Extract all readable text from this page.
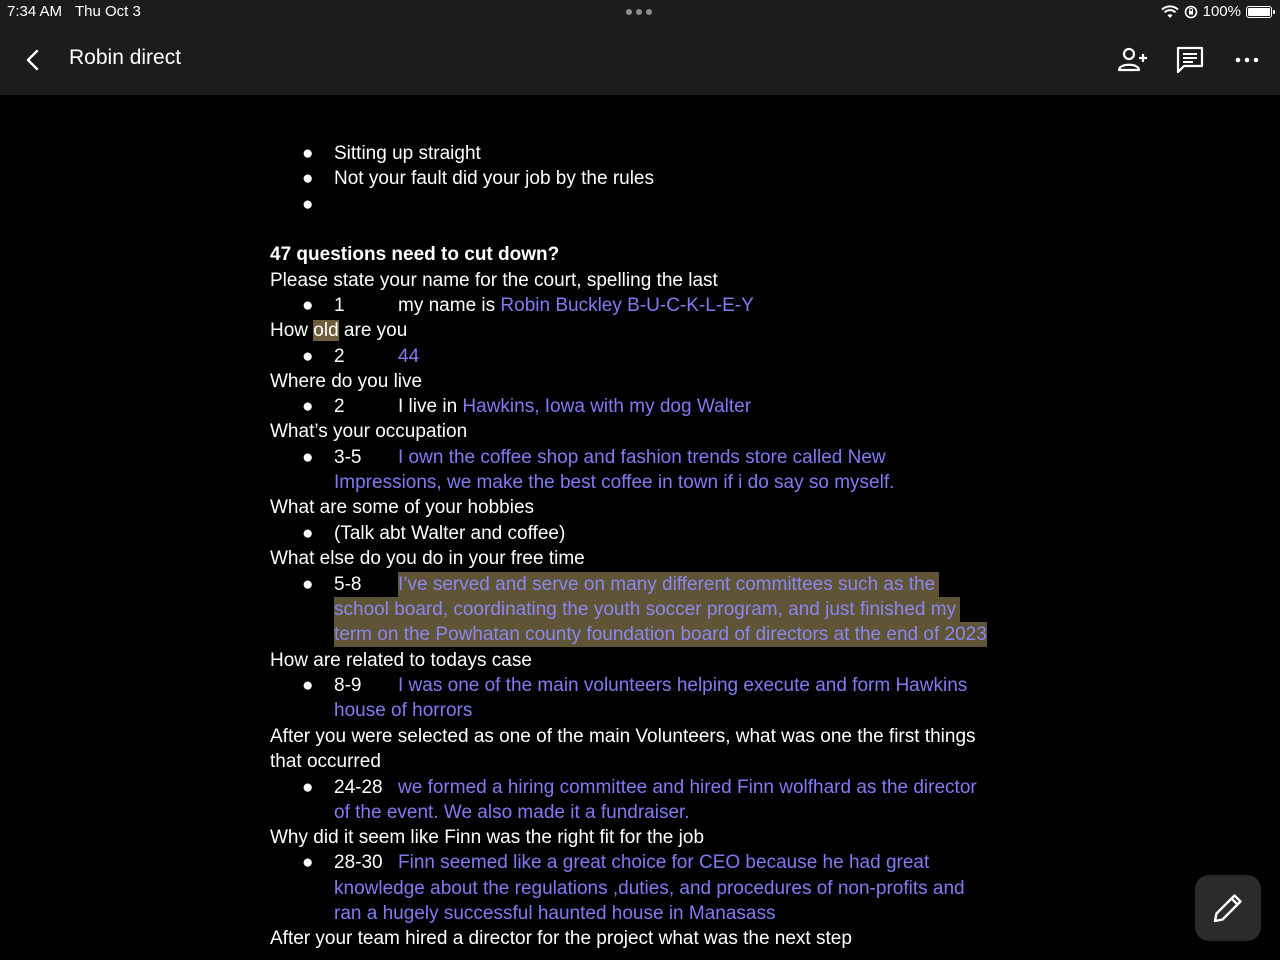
7:34 AM Thu Oct 3	100%
Robin direct
● Sitting up straight
● Not your fault did your job by the rules
●
47 questions need to cut down?
Please state your name for the court, spelling the last
● 1	my name is Robin Buckley B-U-C-K-L-E-Y
How old are you
● 2	44
Where do you live
● 2	I live in Hawkins, Iowa with my dog Walter
What’s your occupation
● 3-5 I own the coffee shop and fashion trends store called New
Impressions, we make the best coffee in town if i do say so myself.
What are some of your hobbies
● (Talk abt Walter and coffee)
What else do you do in your free time
● 5-8 I’ve served and serve on many different committees such as the
school board, coordinating the youth soccer program, and just finished my
term on the Powhatan county foundation board of directors at the end of 2023
How are related to todays case
● 8-9 I was one of the main volunteers helping execute and form Hawkins
house of horrors
After you were selected as one of the main Volunteers, what was one the first things
that occurred
● 24-28 we formed a hiring committee and hired Finn wolfhard as the director
of the event. We also made it a fundraiser.
Why did it seem like Finn was the right fit for the job
● 28-30 Finn seemed like a great choice for CEO because he had great
knowledge about the regulations ,duties, and procedures of non-profits and
ran a hugely successful haunted house in Manasass
After your team hired a director for the project what was the next step
